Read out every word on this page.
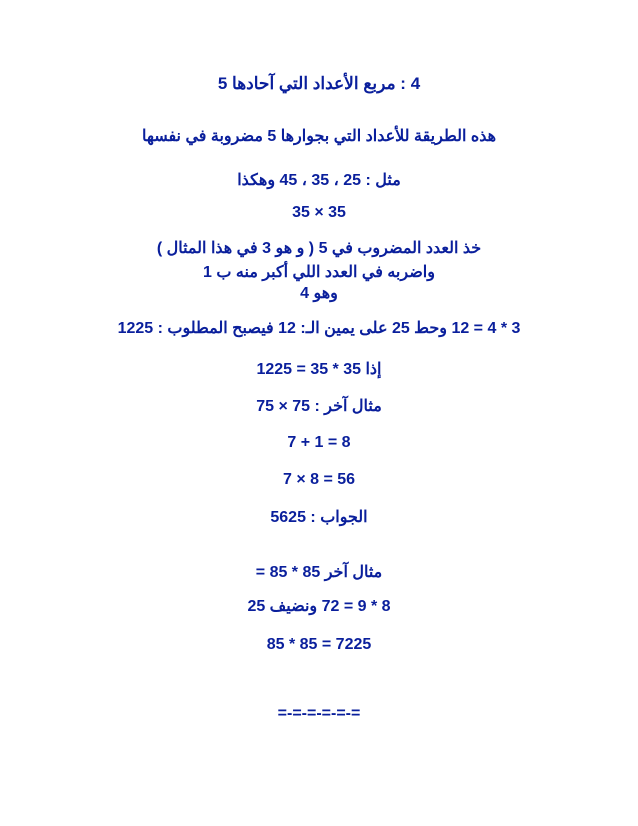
4 : مربع الأعداد التي آحادها 5
هذه الطريقة للأعداد التي بجوارها 5 مضروبة في نفسها
مثل : 25 ، 35 ، 45 وهكذا
35 × 35
خذ العدد المضروب في 5 ( و هو 3 في هذا المثال )
واضربه في العدد اللي أكبر منه ب 1
وهو 4
3 * 4 = 12 وحط 25 على يمين الـ: 12 فيصبح المطلوب : 1225
إذا 35 * 35 = 1225
مثال آخر : 75 × 75
7 + 1 = 8
7 × 8 = 56
الجواب : 5625
مثال آخر 85 * 85 =
8 * 9 = 72 ونضيف 25
85 * 85 = 7225
=-=-=-=-=-=
